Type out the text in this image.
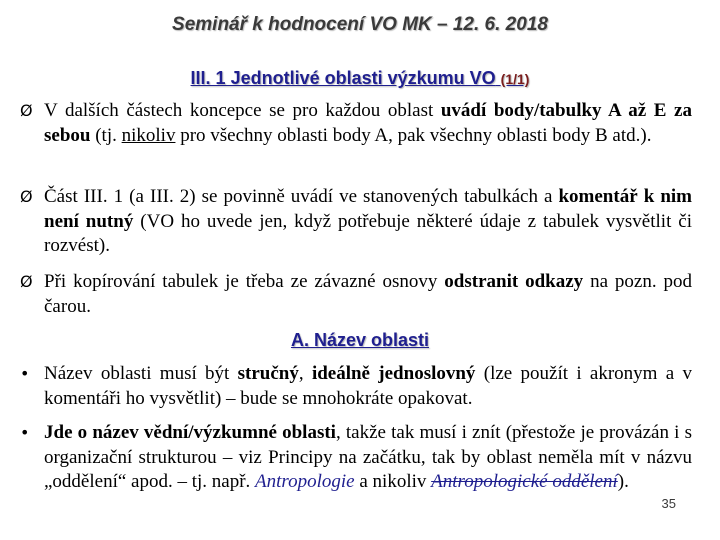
Seminář k hodnocení VO MK – 12. 6. 2018
III. 1 Jednotlivé oblasti výzkumu VO (1/1)
Ø V dalších částech koncepce se pro každou oblast uvádí body/tabulky A až E za sebou (tj. nikoliv pro všechny oblasti body A, pak všechny oblasti body B atd.).
Ø Část III. 1 (a III. 2) se povinně uvádí ve stanovených tabulkách a komentář k nim není nutný (VO ho uvede jen, když potřebuje některé údaje z tabulek vysvětlit či rozvést).
Ø Při kopírování tabulek je třeba ze závazné osnovy odstranit odkazy na pozn. pod čarou.
A. Název oblasti
• Název oblasti musí být stručný, ideálně jednoslovný (lze použít i akronym a v komentáři ho vysvětlit) – bude se mnohokráte opakovat.
• Jde o název vědní/výzkumné oblasti, takže tak musí i znít (přestože je provázán i s organizační strukturou – viz Principy na začátku, tak by oblast neměla mít v názvu „oddělení“ apod. – tj. např. Antropologie a nikoliv Antropologické oddělení).
35
